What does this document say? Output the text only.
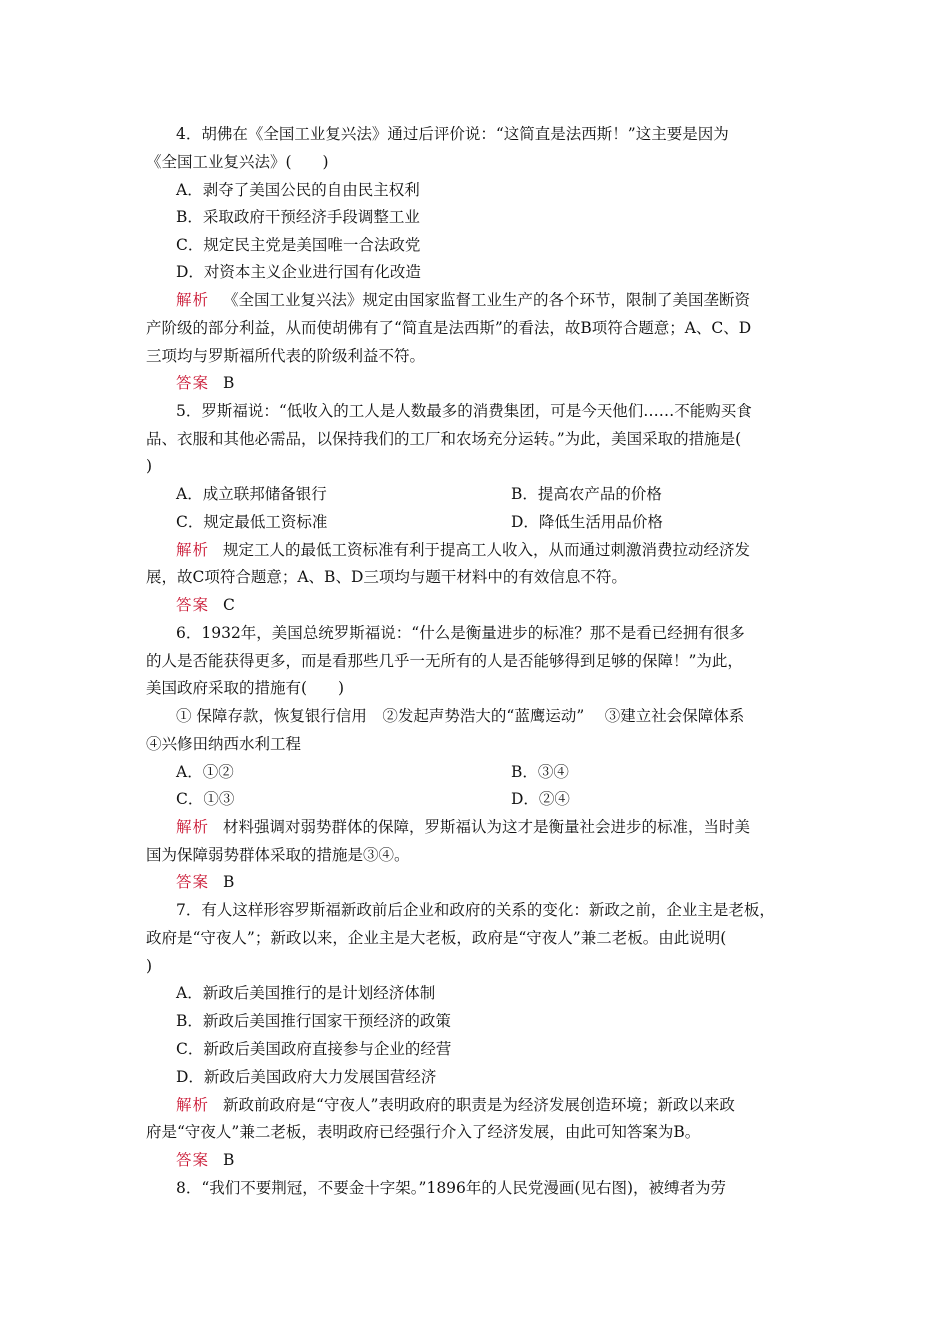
4．胡佛在《全国工业复兴法》通过后评价说：“这简直是法西斯！”这主要是因为
《全国工业复兴法》(　　)
A．剥夺了美国公民的自由民主权利
B．采取政府干预经济手段调整工业
C．规定民主党是美国唯一合法政党
D．对资本主义企业进行国有化改造
解析 《全国工业复兴法》规定由国家监督工业生产的各个环节，限制了美国垄断资
产阶级的部分利益，从而使胡佛有了“简直是法西斯”的看法，故B项符合题意；A、C、D
三项均与罗斯福所代表的阶级利益不符。
答案 B
5．罗斯福说：“低收入的工人是人数最多的消费集团，可是今天他们……不能购买食
品、衣服和其他必需品，以保持我们的工厂和农场充分运转。”为此，美国采取的措施是(
)
A．成立联邦储备银行	B．提高农产品的价格
C．规定最低工资标准	D．降低生活用品价格
解析 规定工人的最低工资标准有利于提高工人收入，从而通过刺激消费拉动经济发
展，故C项符合题意；A、B、D三项均与题干材料中的有效信息不符。
答案 C
6．1932年，美国总统罗斯福说：“什么是衡量进步的标准？那不是看已经拥有很多
的人是否能获得更多，而是看那些几乎一无所有的人是否能够得到足够的保障！”为此，
美国政府采取的措施有(　　)
① 保障存款，恢复银行信用　②发起声势浩大的“蓝鹰运动”　 ③建立社会保障体系
④兴修田纳西水利工程
A．①②	B．③④
C．①③	D．②④
解析 材料强调对弱势群体的保障，罗斯福认为这才是衡量社会进步的标准，当时美
国为保障弱势群体采取的措施是③④。
答案 B
7．有人这样形容罗斯福新政前后企业和政府的关系的变化：新政之前，企业主是老板，
政府是“守夜人”；新政以来，企业主是大老板，政府是“守夜人”兼二老板。由此说明(
)
A．新政后美国推行的是计划经济体制
B．新政后美国推行国家干预经济的政策
C．新政后美国政府直接参与企业的经营
D．新政后美国政府大力发展国营经济
解析 新政前政府是“守夜人”表明政府的职责是为经济发展创造环境；新政以来政
府是“守夜人”兼二老板，表明政府已经强行介入了经济发展，由此可知答案为B。
答案 B
8．“我们不要荆冠，不要金十字架。”1896年的人民党漫画(见右图)，被缚者为劳
